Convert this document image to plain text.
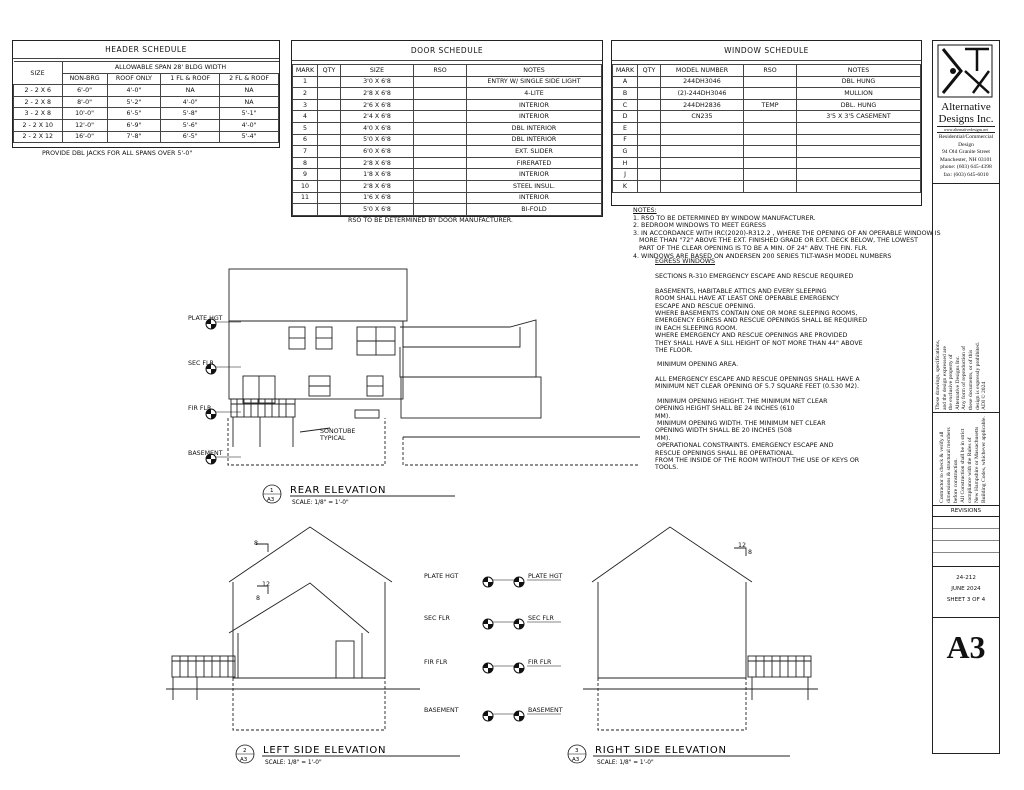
HEADER SCHEDULE
SIZE	ALLOWABLE SPAN 28' BLDG WIDTH			
	NON-BRG	ROOF ONLY	1 FL & ROOF	2 FL & ROOF
2 - 2 X 6	6'-0"	4'-0"	NA	NA
2 - 2 X 8	8'-0"	5'-2"	4'-0"	NA
3 - 2 X 8	10'-0"	6'-5"	5'-8"	5'-1"
2 - 2 X 10	12'-0"	6'-9"	5'-6"	4'-0"
2 - 2 X 12	16'-0"	7'-8"	6'-5"	5'-4"
PROVIDE DBL JACKS FOR ALL SPANS OVER 5'-0"
DOOR SCHEDULE
MARK	QTY	SIZE	RSO	NOTES
1		3'0 X 6'8		ENTRY W/ SINGLE SIDE LIGHT
2		2'8 X 6'8		4-LITE
3		2'6 X 6'8		INTERIOR
4		2'4 X 6'8		INTERIOR
5		4'0 X 6'8		DBL INTERIOR
6		5'0 X 6'8		DBL INTERIOR
7		6'0 X 6'8		EXT. SLIDER
8		2'8 X 6'8		FIRERATED
9		1'8 X 6'8		INTERIOR
10		2'8 X 6'8		STEEL INSUL.
11		1'6 X 6'8		INTERIOR
		5'0 X 6'8		BI-FOLD
RSO TO BE DETERMINED BY DOOR MANUFACTURER.
WINDOW SCHEDULE
MARK	QTY	MODEL NUMBER	RSO	NOTES
A		244DH3046		DBL HUNG
B		(2)-244DH3046		MULLION
C		244DH2836	TEMP	DBL. HUNG
D		CN235		3'5 X 3'5 CASEMENT
E				
F				
G				
H				
J				
K				
NOTES:
1. RSO TO BE DETERMINED BY WINDOW MANUFACTURER.
2. BEDROOM WINDOWS TO MEET EGRESS
3. IN ACCORDANCE WITH IRC(2020)-R312.2 , WHERE THE OPENING OF AN OPERABLE WINDOW IS
MORE THAN "72" ABOVE THE EXT. FINISHED GRADE OR EXT. DECK BELOW, THE LOWEST
PART OF THE CLEAR OPENING IS TO BE A MIN. OF 24" ABV. THE FIN. FLR.
4. WINDOWS ARE BASED ON ANDERSEN 200 SERIES TILT-WASH MODEL NUMBERS
EGRESS WINDOWS
SECTIONS R-310 EMERGENCY ESCAPE AND RESCUE REQUIRED
BASEMENTS, HABITABLE ATTICS AND EVERY SLEEPING
ROOM SHALL HAVE AT LEAST ONE OPERABLE EMERGENCY
ESCAPE AND RESCUE OPENING.
WHERE BASEMENTS CONTAIN ONE OR MORE SLEEPING ROOMS,
EMERGENCY EGRESS AND RESCUE OPENINGS SHALL BE REQUIRED
IN EACH SLEEPING ROOM.
WHERE EMERGENCY AND RESCUE OPENINGS ARE PROVIDED
THEY SHALL HAVE A SILL HEIGHT OF NOT MORE THAN 44" ABOVE
THE FLOOR.
MINIMUM OPENING AREA.
ALL EMERGENCY ESCAPE AND RESCUE OPENINGS SHALL HAVE A
MINIMUM NET CLEAR OPENING OF 5.7 SQUARE FEET (0.530 M2).
MINIMUM OPENING HEIGHT. THE MINIMUM NET CLEAR
OPENING HEIGHT SHALL BE 24 INCHES (610
MM).
MINIMUM OPENING WIDTH. THE MINIMUM NET CLEAR
OPENING WIDTH SHALL BE 20 INCHES (508
MM).
OPERATIONAL CONSTRAINTS. EMERGENCY ESCAPE AND
RESCUE OPENINGS SHALL BE OPERATIONAL
FROM THE INSIDE OF THE ROOM WITHOUT THE USE OF KEYS OR
TOOLS.
PLATE HGT
SEC FLR
FIR FLR
BASEMENT
PLATE HGT
SEC FLR
FIR FLR
BASEMENT
PLATE HGT
SEC FLR
FIR FLR
BASEMENT
SONOTUBE
TYPICAL
8
12
8
12
8
1
A3
REAR ELEVATION
SCALE: 1/8" = 1'-0"
2
A3
LEFT SIDE ELEVATION
SCALE: 1/8" = 1'-0"
3
A3
RIGHT SIDE ELEVATION
SCALE: 1/8" = 1'-0"
Alternative
Designs Inc.
www.alternativedesigns.net
Residential/Commercial
Design
94 Old Granite Street
Manchester, NH 03101
phone: (603) 645-4398
fax: (603) 645-6010
These drawings, specifications, and the design expressed are the exclusive property of Alternative Designs Inc. Any form of reproduction of these documents, or of this design is expressly prohibited. ADI © 2024
Contractor to check & verify all dimensions & structural members before construction. All Construction shall be in strict compliance with the Rules of New Hampshire or Massachusetts Building Codes, whichever applicable.
REVISIONS
24-212
JUNE 2024
SHEET 3 OF 4
A3
